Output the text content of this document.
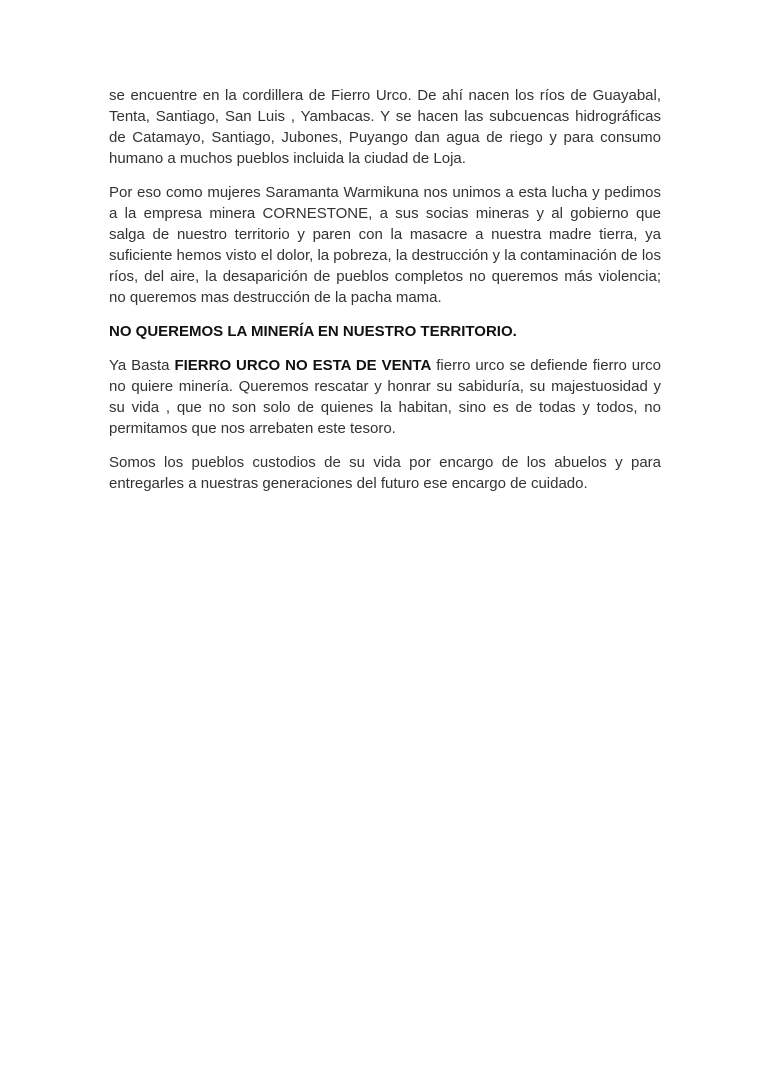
se encuentre en la cordillera de Fierro Urco. De ahí nacen los ríos de Guayabal, Tenta, Santiago, San Luis , Yambacas. Y se hacen las subcuencas hidrográficas de Catamayo, Santiago, Jubones, Puyango dan agua de riego y para consumo humano a muchos pueblos incluida la ciudad de Loja.

Por eso como mujeres Saramanta Warmikuna nos unimos a esta lucha y pedimos a la empresa minera CORNESTONE, a sus socias mineras y al gobierno que salga de nuestro territorio y paren con la masacre a nuestra madre tierra, ya suficiente hemos visto el dolor, la pobreza, la destrucción y la contaminación de los ríos, del aire, la desaparición de pueblos completos no queremos más violencia; no queremos mas destrucción de la pacha mama.

NO QUEREMOS LA MINERÍA EN NUESTRO TERRITORIO.

Ya Basta FIERRO URCO NO ESTA DE VENTA fierro urco se defiende fierro urco no quiere minería. Queremos rescatar y honrar su sabiduría, su majestuosidad y su vida , que no son solo de quienes la habitan, sino es de todas y todos, no permitamos que nos arrebaten este tesoro.

Somos los pueblos custodios de su vida por encargo de los abuelos y para entregarles a nuestras generaciones del futuro ese encargo de cuidado.
